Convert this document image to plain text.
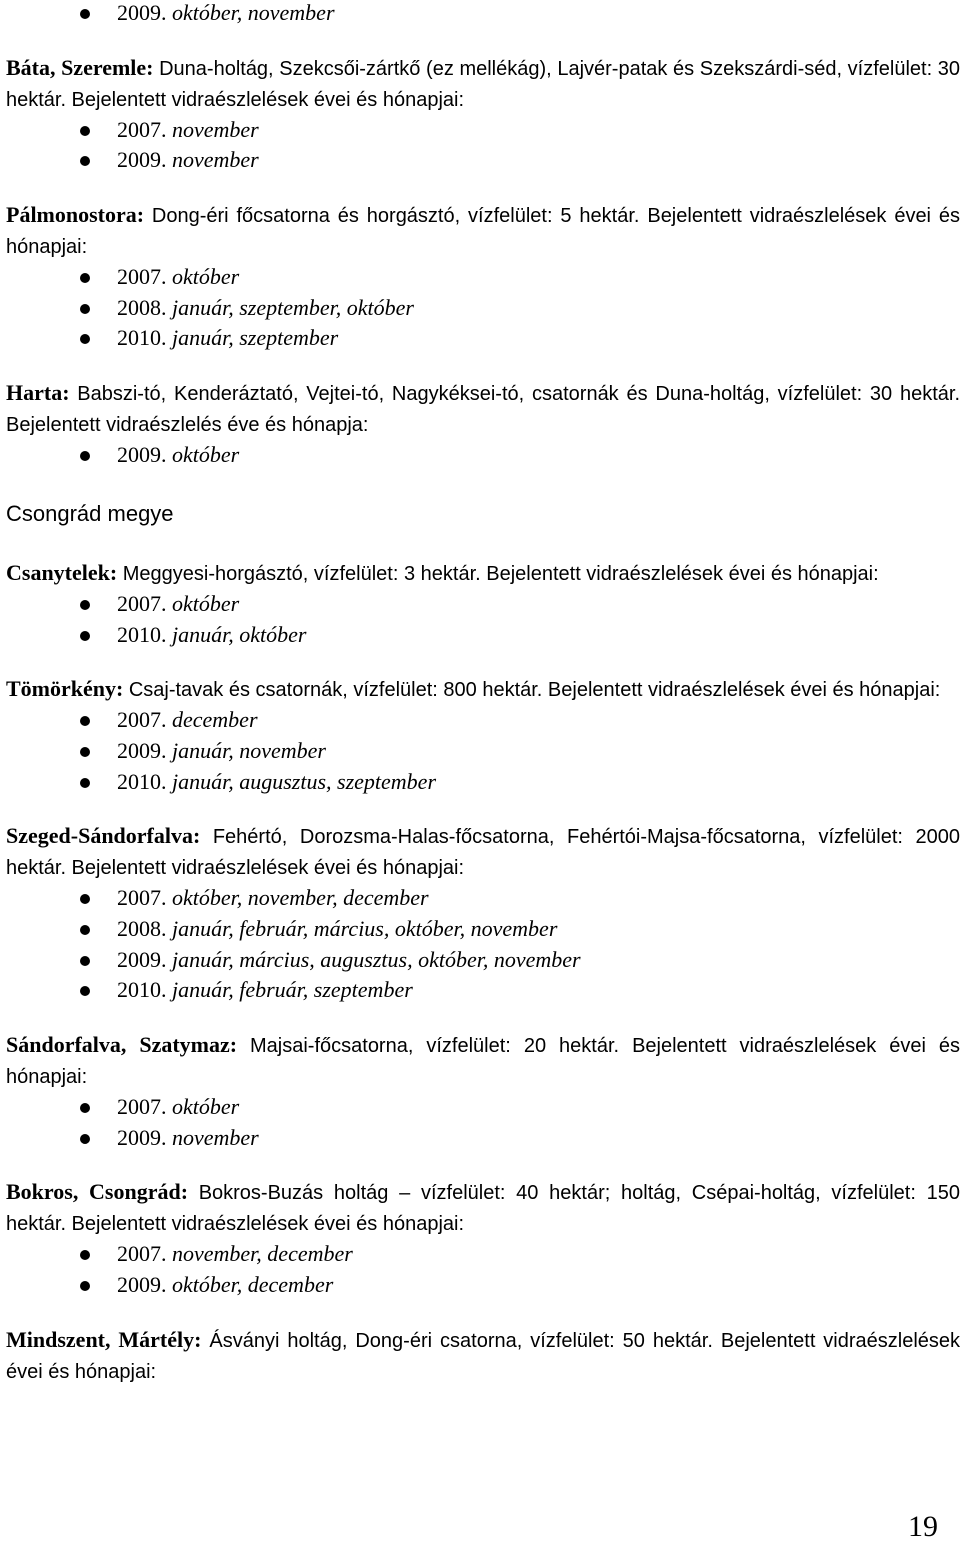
2009. október, november

Báta, Szeremle: Duna-holtág, Szekcsői-zártkő (ez mellékág), Lajvér-patak és Szekszárdi-séd, vízfelület: 30 hektár. Bejelentett vidraészlelések évei és hónapjai:

2007. november
2009. november

Pálmonostora: Dong-éri főcsatorna és horgásztó, vízfelület: 5 hektár. Bejelentett vidraészlelések évei és hónapjai:

2007. október
2008. január, szeptember, október
2010. január, szeptember

Harta: Babszi-tó, Kenderáztató, Vejtei-tó, Nagykéksei-tó, csatornák és Duna-holtág, vízfelület: 30 hektár. Bejelentett vidraészlelés éve és hónapja:

2009. október
Csongrád megye

Csanytelek: Meggyesi-horgásztó, vízfelület: 3 hektár. Bejelentett vidraészlelések évei és hónapjai:

2007. október
2010. január, október

Tömörkény: Csaj-tavak és csatornák, vízfelület: 800 hektár. Bejelentett vidraészlelések évei és hónapjai:

2007. december
2009. január, november
2010. január, augusztus, szeptember

Szeged-Sándorfalva: Fehértó, Dorozsma-Halas-főcsatorna, Fehértói-Majsa-főcsatorna, vízfelület: 2000 hektár. Bejelentett vidraészlelések évei és hónapjai:

2007. október, november, december
2008. január, február, március, október, november
2009. január, március, augusztus, október, november
2010. január, február, szeptember

Sándorfalva, Szatymaz: Majsai-főcsatorna, vízfelület: 20 hektár. Bejelentett vidraészlelések évei és hónapjai:

2007. október
2009. november

Bokros, Csongrád: Bokros-Buzás holtág – vízfelület: 40 hektár; holtág, Csépai-holtág, vízfelület: 150 hektár. Bejelentett vidraészlelések évei és hónapjai:

2007. november, december
2009. október, december

Mindszent, Mártély: Ásványi holtág, Dong-éri csatorna, vízfelület: 50 hektár. Bejelentett vidraészlelések évei és hónapjai:

19
